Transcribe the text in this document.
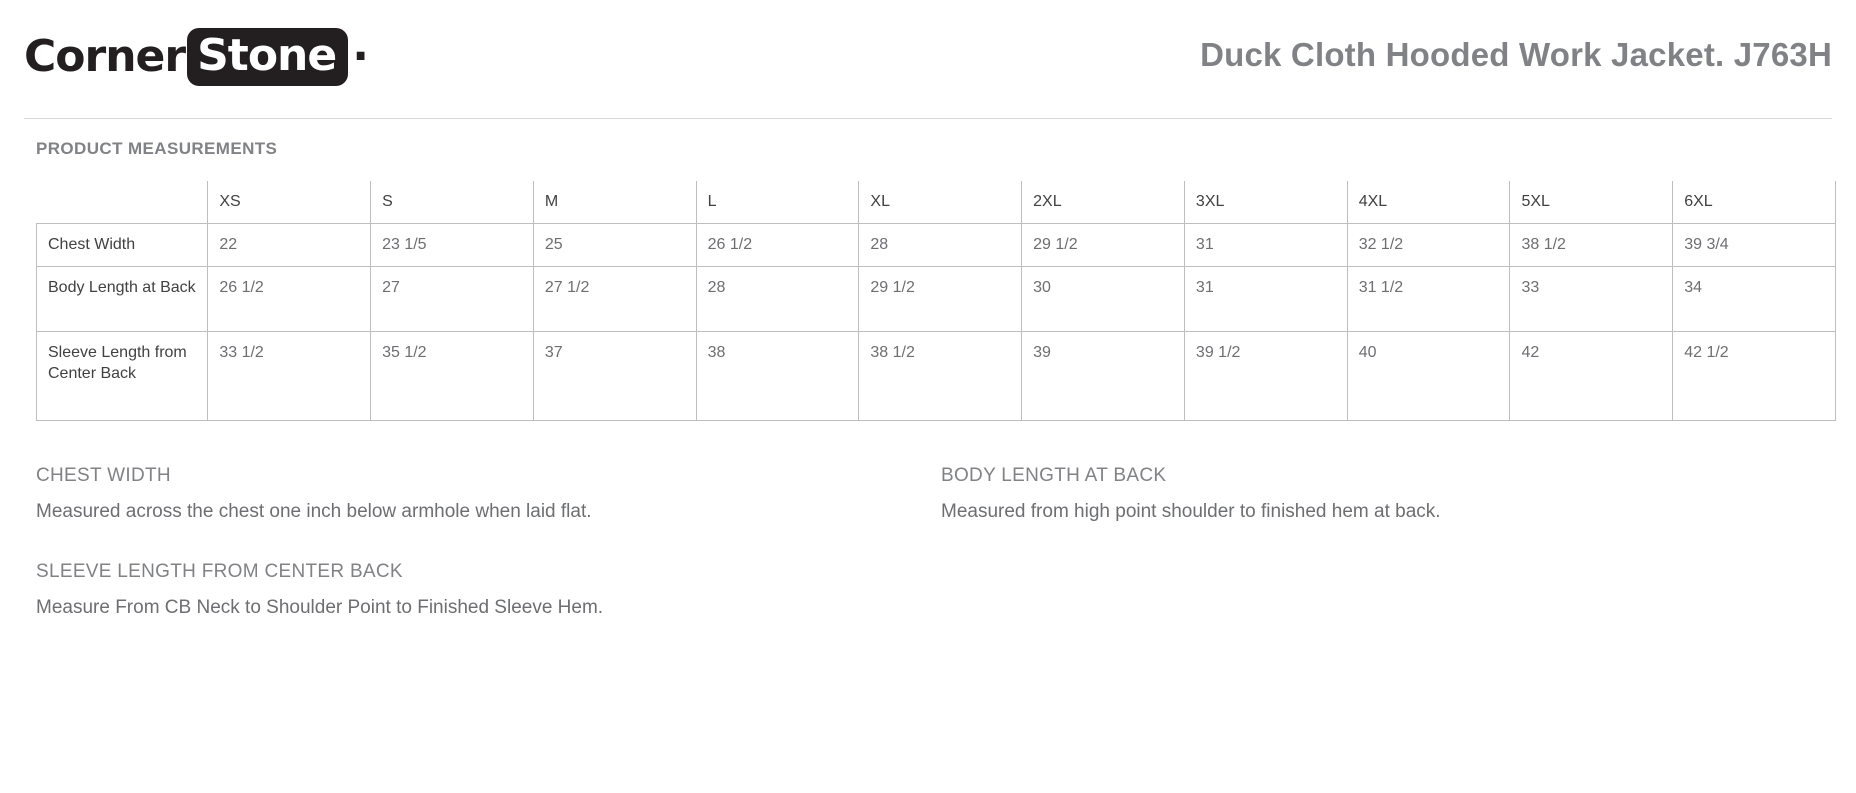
Corner Stone ·	Duck Cloth Hooded Work Jacket. J763H
PRODUCT MEASUREMENTS
	XS	S	M	L	XL	2XL	3XL	4XL	5XL	6XL
Chest Width	22	23 1/5	25	26 1/2	28	29 1/2	31	32 1/2	38 1/2	39 3/4
Body Length at Back	26 1/2	27	27 1/2	28	29 1/2	30	31	31 1/2	33	34
Sleeve Length from Center Back	33 1/2	35 1/2	37	38	38 1/2	39	39 1/2	40	42	42 1/2
CHEST WIDTH
Measured across the chest one inch below armhole when laid flat.
BODY LENGTH AT BACK
Measured from high point shoulder to finished hem at back.
SLEEVE LENGTH FROM CENTER BACK
Measure From CB Neck to Shoulder Point to Finished Sleeve Hem.
